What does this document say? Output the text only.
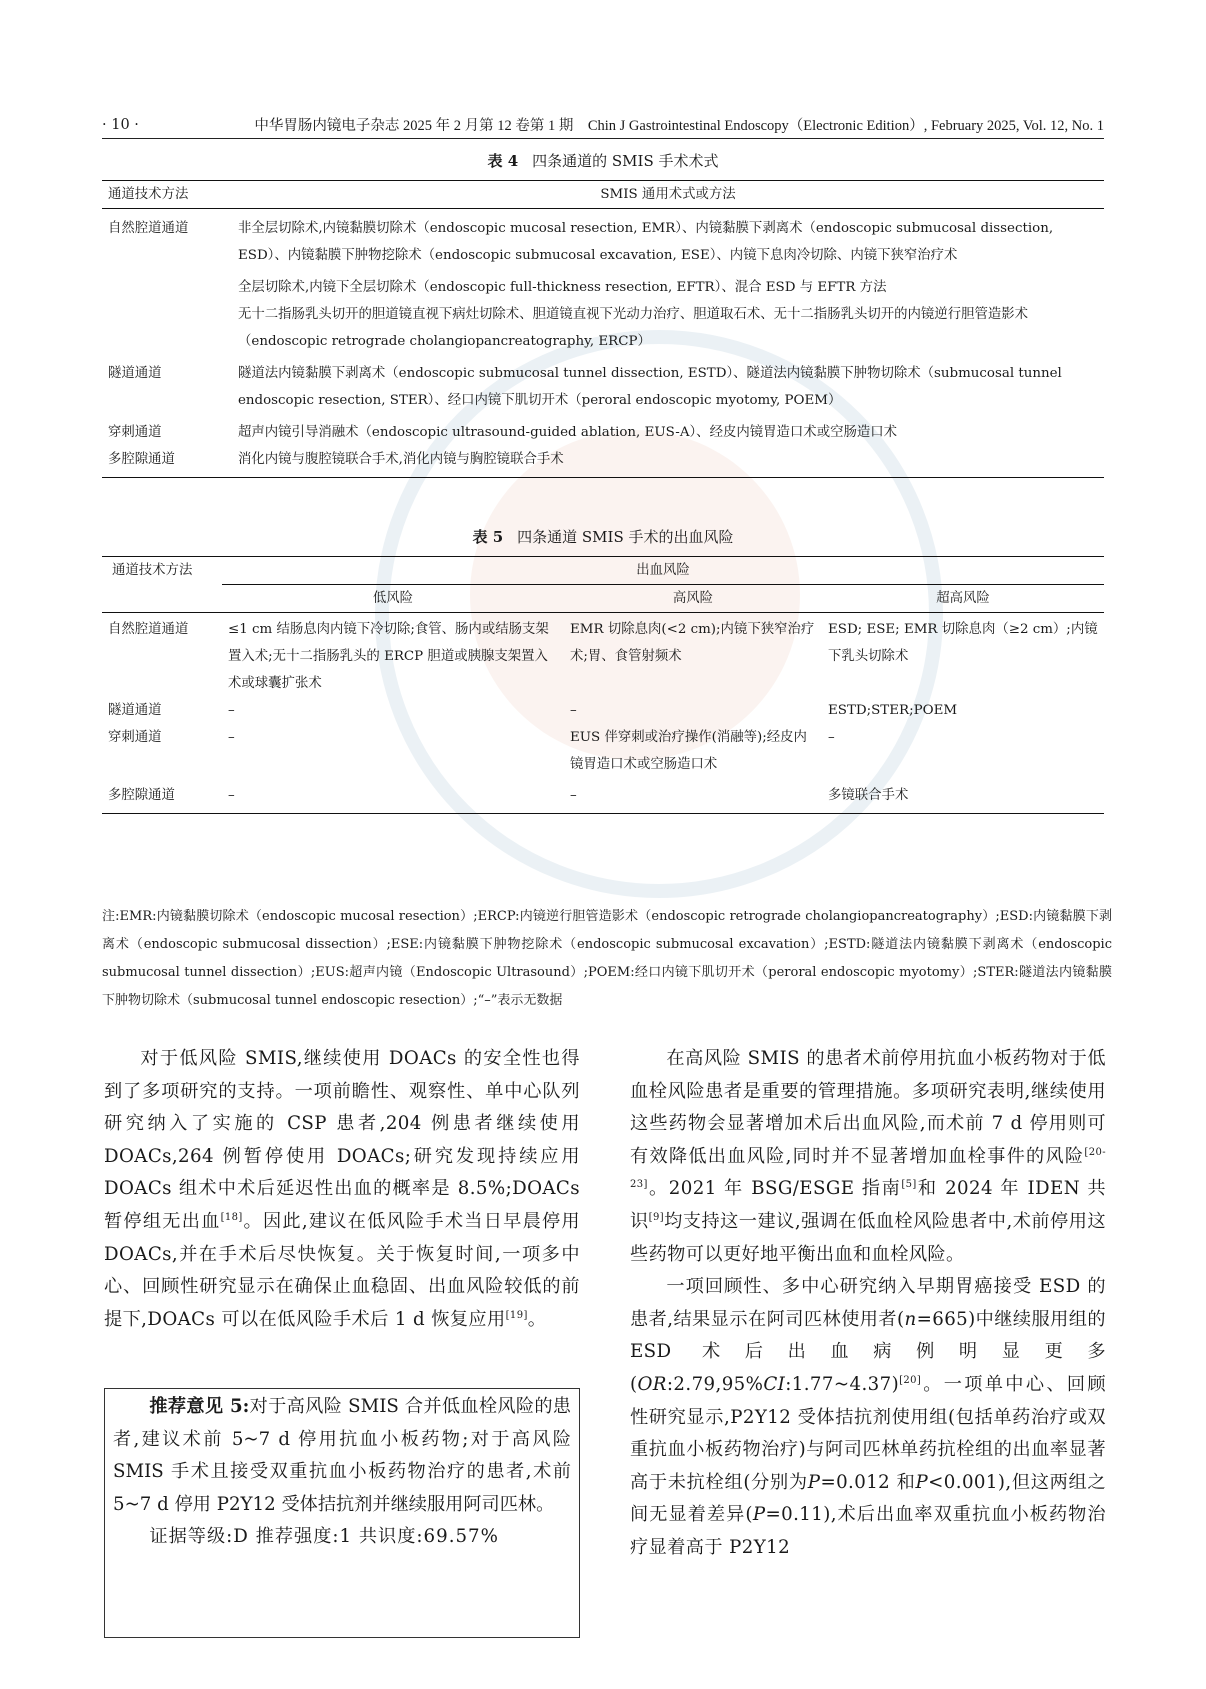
· 10 ·	中华胃肠内镜电子杂志 2025 年 2 月第 12 卷第 1 期　Chin J Gastrointestinal Endoscopy（Electronic Edition）, February 2025, Vol. 12, No. 1
表 4 四条通道的 SMIS 手术术式
通道技术方法	SMIS 通用术式或方法
自然腔道通道	非全层切除术,内镜黏膜切除术（endoscopic mucosal resection, EMR）、内镜黏膜下剥离术（endoscopic submucosal dissection, ESD）、内镜黏膜下肿物挖除术（endoscopic submucosal excavation, ESE）、内镜下息肉冷切除、内镜下狭窄治疗术
	全层切除术,内镜下全层切除术（endoscopic full-thickness resection, EFTR）、混合 ESD 与 EFTR 方法
	无十二指肠乳头切开的胆道镜直视下病灶切除术、胆道镜直视下光动力治疗、胆道取石术、无十二指肠乳头切开的内镜逆行胆管造影术（endoscopic retrograde cholangiopancreatography, ERCP）
隧道通道	隧道法内镜黏膜下剥离术（endoscopic submucosal tunnel dissection, ESTD）、隧道法内镜黏膜下肿物切除术（submucosal tunnel endoscopic resection, STER）、经口内镜下肌切开术（peroral endoscopic myotomy, POEM）
穿刺通道	超声内镜引导消融术（endoscopic ultrasound-guided ablation, EUS-A）、经皮内镜胃造口术或空肠造口术
多腔隙通道	消化内镜与腹腔镜联合手术,消化内镜与胸腔镜联合手术
表 5 四条通道 SMIS 手术的出血风险
通道技术方法	出血风险		
	低风险	高风险	超高风险
自然腔道通道	≤1 cm 结肠息肉内镜下冷切除;食管、肠内或结肠支架置入术;无十二指肠乳头的 ERCP 胆道或胰腺支架置入术或球囊扩张术	EMR 切除息肉(<2 cm);内镜下狭窄治疗术;胃、食管射频术	ESD; ESE; EMR 切除息肉（≥2 cm）;内镜下乳头切除术
隧道通道	–	–	ESTD;STER;POEM
穿刺通道	–	EUS 伴穿刺或治疗操作(消融等);经皮内镜胃造口术或空肠造口术	–
多腔隙通道	–	–	多镜联合手术
注:EMR:内镜黏膜切除术（endoscopic mucosal resection）;ERCP:内镜逆行胆管造影术（endoscopic retrograde cholangiopancreatography）;ESD:内镜黏膜下剥离术（endoscopic submucosal dissection）;ESE:内镜黏膜下肿物挖除术（endoscopic submucosal excavation）;ESTD:隧道法内镜黏膜下剥离术（endoscopic submucosal tunnel dissection）;EUS:超声内镜（Endoscopic Ultrasound）;POEM:经口内镜下肌切开术（peroral endoscopic myotomy）;STER:隧道法内镜黏膜下肿物切除术（submucosal tunnel endoscopic resection）;“–”表示无数据

对于低风险 SMIS,继续使用 DOACs 的安全性也得到了多项研究的支持。一项前瞻性、观察性、单中心队列研究纳入了实施的 CSP 患者,204 例患者继续使用 DOACs,264 例暂停使用 DOACs;研究发现持续应用 DOACs 组术中术后延迟性出血的概率是 8.5%;DOACs 暂停组无出血[18]。因此,建议在低风险手术当日早晨停用 DOACs,并在手术后尽快恢复。关于恢复时间,一项多中心、回顾性研究显示在确保止血稳固、出血风险较低的前提下,DOACs 可以在低风险手术后 1 d 恢复应用[19]。

推荐意见 5:对于高风险 SMIS 合并低血栓风险的患者,建议术前 5~7 d 停用抗血小板药物;对于高风险 SMIS 手术且接受双重抗血小板药物治疗的患者,术前 5~7 d 停用 P2Y12 受体拮抗剂并继续服用阿司匹林。

证据等级:D 推荐强度:1 共识度:69.57%

在高风险 SMIS 的患者术前停用抗血小板药物对于低血栓风险患者是重要的管理措施。多项研究表明,继续使用这些药物会显著增加术后出血风险,而术前 7 d 停用则可有效降低出血风险,同时并不显著增加血栓事件的风险[20-23]。2021 年 BSG/ESGE 指南[5]和 2024 年 IDEN 共识[9]均支持这一建议,强调在低血栓风险患者中,术前停用这些药物可以更好地平衡出血和血栓风险。

一项回顾性、多中心研究纳入早期胃癌接受 ESD 的患者,结果显示在阿司匹林使用者(n=665)中继续服用组的 ESD 术后出血病例明显更多(OR:2.79,95%CI:1.77~4.37)[20]。一项单中心、回顾性研究显示,P2Y12 受体拮抗剂使用组(包括单药治疗或双重抗血小板药物治疗)与阿司匹林单药抗栓组的出血率显著高于未抗栓组(分别为P=0.012 和P<0.001),但这两组之间无显着差异(P=0.11),术后出血率双重抗血小板药物治疗显着高于 P2Y12
